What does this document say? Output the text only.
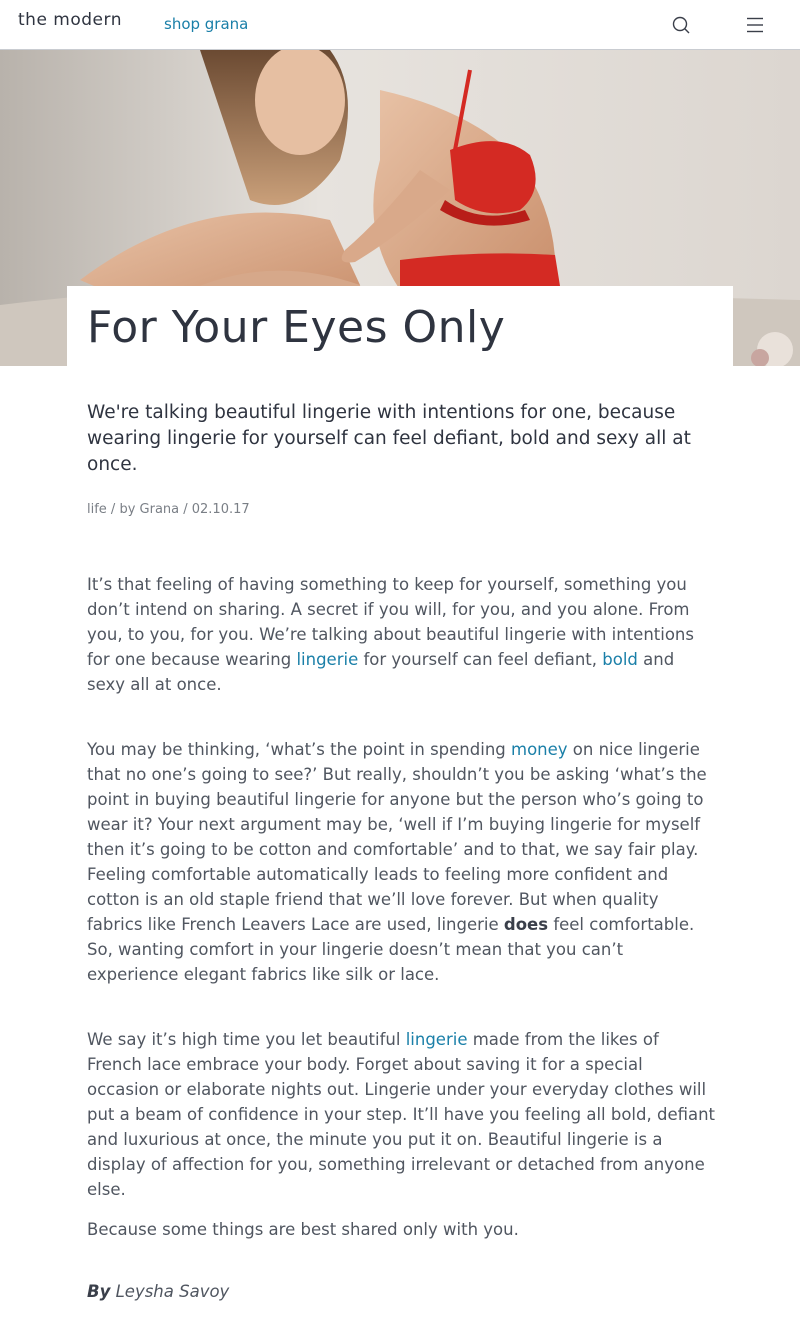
the modern	shop grana
For Your Eyes Only

We're talking beautiful lingerie with intentions for one, because wearing lingerie for yourself can feel defiant, bold and sexy all at once.

life / by Grana / 02.10.17

It’s that feeling of having something to keep for yourself, something you don’t intend on sharing. A secret if you will, for you, and you alone. From you, to you, for you. We’re talking about beautiful lingerie with intentions for one because wearing lingerie for yourself can feel defiant, bold and sexy all at once.

You may be thinking, ‘what’s the point in spending money on nice lingerie that no one’s going to see?’ But really, shouldn’t you be asking ‘what’s the point in buying beautiful lingerie for anyone but the person who’s going to wear it? Your next argument may be, ‘well if I’m buying lingerie for myself then it’s going to be cotton and comfortable’ and to that, we say fair play. Feeling comfortable automatically leads to feeling more confident and cotton is an old staple friend that we’ll love forever. But when quality fabrics like French Leavers Lace are used, lingerie does feel comfortable. So, wanting comfort in your lingerie doesn’t mean that you can’t experience elegant fabrics like silk or lace.

We say it’s high time you let beautiful lingerie made from the likes of French lace embrace your body. Forget about saving it for a special occasion or elaborate nights out. Lingerie under your everyday clothes will put a beam of confidence in your step. It’ll have you feeling all bold, defiant and luxurious at once, the minute you put it on. Beautiful lingerie is a display of affection for you, something irrelevant or detached from anyone else.

Because some things are best shared only with you.

By Leysha Savoy
